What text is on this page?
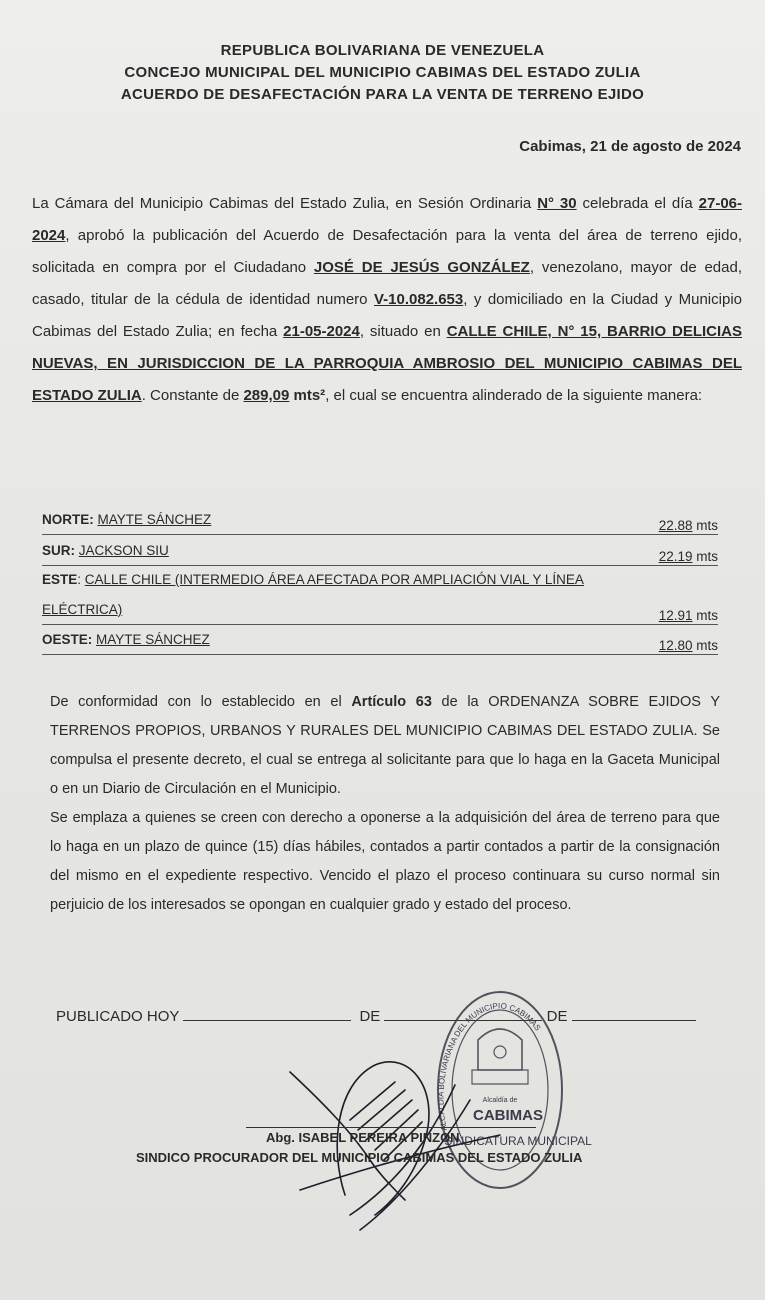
REPUBLICA BOLIVARIANA DE VENEZUELA
CONCEJO MUNICIPAL DEL MUNICIPIO CABIMAS DEL ESTADO ZULIA
ACUERDO DE DESAFECTACIÓN PARA LA VENTA DE TERRENO EJIDO
Cabimas, 21 de agosto de 2024
La Cámara del Municipio Cabimas del Estado Zulia, en Sesión Ordinaria N° 30 celebrada el día 27-06-2024, aprobó la publicación del Acuerdo de Desafectación para la venta del área de terreno ejido, solicitada en compra por el Ciudadano JOSÉ DE JESÚS GONZÁLEZ, venezolano, mayor de edad, casado, titular de la cédula de identidad numero V-10.082.653, y domiciliado en la Ciudad y Municipio Cabimas del Estado Zulia; en fecha 21-05-2024, situado en CALLE CHILE, N° 15, BARRIO DELICIAS NUEVAS, EN JURISDICCION DE LA PARROQUIA AMBROSIO DEL MUNICIPIO CABIMAS DEL ESTADO ZULIA. Constante de 289,09 mts², el cual se encuentra alinderado de la siguiente manera:
NORTE: MAYTE SÁNCHEZ	22.88 mts
SUR: JACKSON SIU	22.19 mts
ESTE: CALLE CHILE (INTERMEDIO ÁREA AFECTADA POR AMPLIACIÓN VIAL Y LÍNEA
ELÉCTRICA)	12.91 mts
OESTE: MAYTE SÁNCHEZ	12.80 mts
De conformidad con lo establecido en el Artículo 63 de la ORDENANZA SOBRE EJIDOS Y TERRENOS PROPIOS, URBANOS Y RURALES DEL MUNICIPIO CABIMAS DEL ESTADO ZULIA. Se compulsa el presente decreto, el cual se entrega al solicitante para que lo haga en la Gaceta Municipal o en un Diario de Circulación en el Municipio.
Se emplaza a quienes se creen con derecho a oponerse a la adquisición del área de terreno para que lo haga en un plazo de quince (15) días hábiles, contados a partir contados a partir de la consignación del mismo en el expediente respectivo. Vencido el plazo el proceso continuara su curso normal sin perjuicio de los interesados se opongan en cualquier grado y estado del proceso.
PUBLICADO HOY	DE	DE
Alcaldía de
CABIMAS
SINDICATURA MUNICIPAL
ALCALDIA BOLIVARIANA DEL MUNICIPIO CABIMAS
Abg. ISABEL PEREIRA PINZON
SINDICO PROCURADOR DEL MUNICIPIO CABIMAS DEL ESTADO ZULIA
